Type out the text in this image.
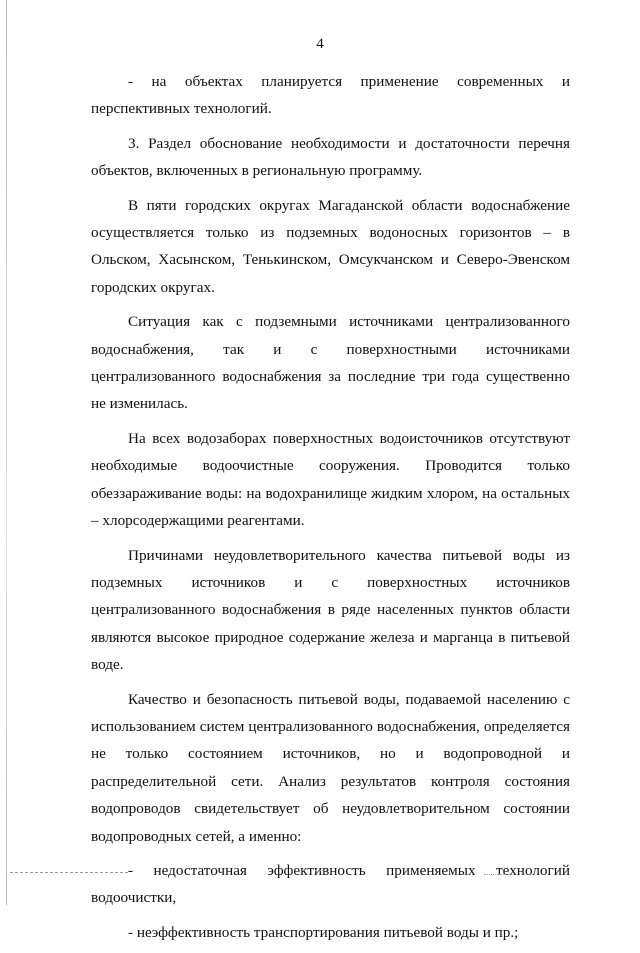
4

- на объектах планируется применение современных и перспективных технологий.

3. Раздел обоснование необходимости и достаточности перечня объектов, включенных в региональную программу.

В пяти городских округах Магаданской области водоснабжение осуществляется только из подземных водоносных горизонтов – в Ольском, Хасынском, Тенькинском, Омсукчанском и Северо-Эвенском городских округах.

Ситуация как с подземными источниками централизованного водоснабжения, так и с поверхностными источниками централизованного водоснабжения за последние три года существенно не изменилась.

На всех водозаборах поверхностных водоисточников отсутствуют необходимые водоочистные сооружения. Проводится только обеззараживание воды: на водохранилище жидким хлором, на остальных – хлорсодержащими реагентами.

Причинами неудовлетворительного качества питьевой воды из подземных источников и с поверхностных источников централизованного водоснабжения в ряде населенных пунктов области являются высокое природное содержание железа и марганца в питьевой воде.

Качество и безопасность питьевой воды, подаваемой населению с использованием систем централизованного водоснабжения, определяется не только состоянием источников, но и водопроводной и распределительной сети. Анализ результатов контроля состояния водопроводов свидетельствует об неудовлетворительном состоянии водопроводных сетей, а именно:

- недостаточная эффективность применяемых технологий водоочистки,

- неэффективность транспортирования питьевой воды и пр.;
